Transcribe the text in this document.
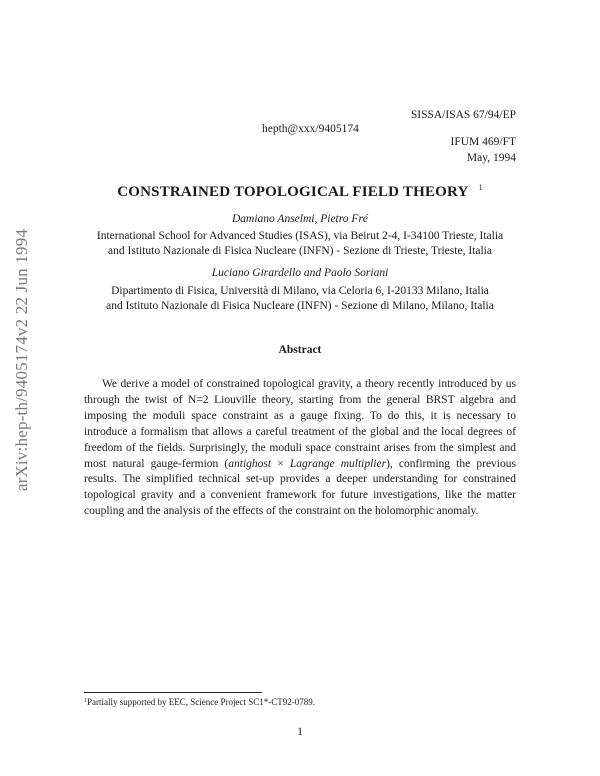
arXiv:hep-th/9405174v2 22 Jun 1994
SISSA/ISAS 67/94/EP
hepth@xxx/9405174
IFUM 469/FT
May, 1994
CONSTRAINED TOPOLOGICAL FIELD THEORY $^1$
Damiano Anselmi, Pietro Fré
International School for Advanced Studies (ISAS), via Beirut 2-4, I-34100 Trieste, Italia
and Istituto Nazionale di Fisica Nucleare (INFN) - Sezione di Trieste, Trieste, Italia
Luciano Girardello and Paolo Soriani
Dipartimento di Fisica, Università di Milano, via Celoria 6, I-20133 Milano, Italia
and Istituto Nazionale di Fisica Nucleare (INFN) - Sezione di Milano, Milano, Italia
Abstract
We derive a model of constrained topological gravity, a theory recently introduced by us through the twist of N=2 Liouville theory, starting from the general BRST algebra and imposing the moduli space constraint as a gauge fixing. To do this, it is necessary to introduce a formalism that allows a careful treatment of the global and the local degrees of freedom of the fields. Surprisingly, the moduli space constraint arises from the simplest and most natural gauge-fermion (antighost × Lagrange multiplier), confirming the previous results. The simplified technical set-up provides a deeper understanding for constrained topological gravity and a convenient framework for future investigations, like the matter coupling and the analysis of the effects of the constraint on the holomorphic anomaly.
$^1$Partially supported by EEC, Science Project SC1*-CT92-0789.
1
